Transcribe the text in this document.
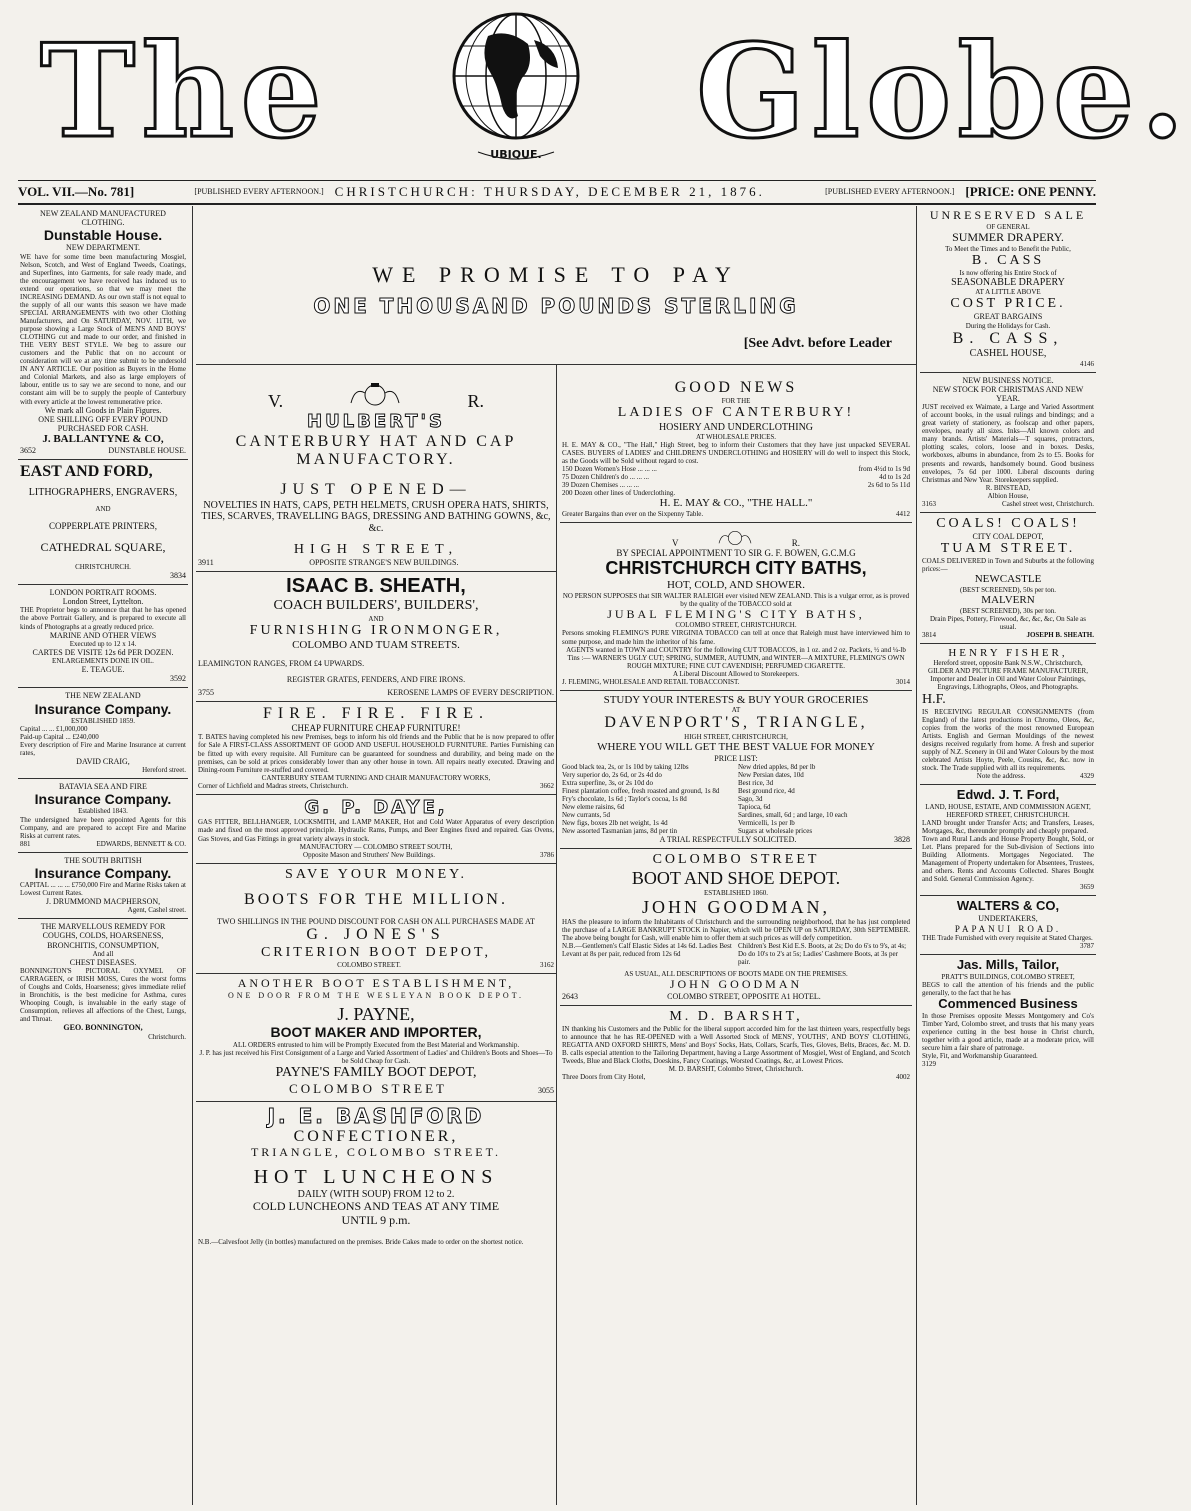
The	UBIQUE. Globe.
VOL. VII.—No. 781]	[PUBLISHED EVERY AFTERNOON.] CHRISTCHURCH: THURSDAY, DECEMBER 21, 1876.	[PUBLISHED EVERY AFTERNOON.] [PRICE: ONE PENNY.

NEW ZEALAND MANUFACTURED CLOTHING.

Dunstable House.

NEW DEPARTMENT.

WE have for some time been manufacturing Mosgiel, Nelson, Scotch, and West of England Tweeds, Coatings, and Superfines, into Garments, for sale ready made, and the encouragement we have received has induced us to extend our operations, so that we may meet the INCREASING DEMAND. As our own staff is not equal to the supply of all our wants this season we have made SPECIAL ARRANGEMENTS with two other Clothing Manufacturers, and On SATURDAY, NOV. 11TH, we purpose showing a Large Stock of MEN'S AND BOYS' CLOTHING cut and made to our order, and finished in THE VERY BEST STYLE. We beg to assure our customers and the Public that on no account or consideration will we at any time submit to be undersold IN ANY ARTICLE. Our position as Buyers in the Home and Colonial Markets, and also as large employers of labour, entitle us to say we are second to none, and our constant aim will be to supply the people of Canterbury with every article at the lowest remunerative price.

We mark all Goods in Plain Figures.

ONE SHILLING OFF EVERY POUND PURCHASED FOR CASH.

J. BALLANTYNE & CO,

3652	DUNSTABLE HOUSE.

EAST AND FORD,

LITHOGRAPHERS, ENGRAVERS,

AND

COPPERPLATE PRINTERS,

CATHEDRAL SQUARE,

CHRISTCHURCH.

3834

LONDON PORTRAIT ROOMS.

London Street, Lyttelton.

THE Proprietor begs to announce that that he has opened the above Portrait Gallery, and is prepared to execute all kinds of Photographs at a greatly reduced price.

MARINE AND OTHER VIEWS

Executed up to 12 x 14.

CARTES DE VISITE 12s 6d PER DOZEN.

ENLARGEMENTS DONE IN OIL.

E. TEAGUE.

3592

THE NEW ZEALAND

Insurance Company.

ESTABLISHED 1859.

Capital ... ... £1,000,000

Paid-up Capital ... £240,000

Every description of Fire and Marine Insurance at current rates,

DAVID CRAIG,

Hereford street.

BATAVIA SEA AND FIRE

Insurance Company.

Established 1843.

The undersigned have been appointed Agents for this Company, and are prepared to accept Fire and Marine Risks at current rates.

881	EDWARDS, BENNETT & CO.

THE SOUTH BRITISH

Insurance Company.

CAPITAL ... ... ... £750,000 Fire and Marine Risks taken at Lowest Current Rates.

J. DRUMMOND MACPHERSON,

Agent, Cashel street.

THE MARVELLOUS REMEDY FOR

COUGHS, COLDS, HOARSENESS,

BRONCHITIS, CONSUMPTION,

And all

CHEST DISEASES.

BONNINGTON'S PICTORAL OXYMEL OF CARRAGEEN, or IRISH MOSS, Cures the worst forms of Coughs and Colds, Hoarseness; gives immediate relief in Bronchitis, is the best medicine for Asthma, cures Whooping Cough, is invaluable in the early stage of Consumption, relieves all affections of the Chest, Lungs, and Throat.

GEO. BONNINGTON,

Christchurch.

WE PROMISE TO PAY

ONE THOUSAND POUNDS STERLING

[See Advt. before Leader

V.	R.

HULBERT'S

CANTERBURY HAT AND CAP

MANUFACTORY.

JUST OPENED—

NOVELTIES IN HATS, CAPS, PETH HELMETS, CRUSH OPERA HATS, SHIRTS, TIES, SCARVES, TRAVELLING BAGS, DRESSING AND BATHING GOWNS, &c, &c.

HIGH STREET,

3911	OPPOSITE STRANGE'S NEW BUILDINGS.

ISAAC B. SHEATH,

COACH BUILDERS', BUILDERS',

AND

FURNISHING IRONMONGER,

COLOMBO AND TUAM STREETS.

LEAMINGTON RANGES, FROM £4 UPWARDS.

REGISTER GRATES, FENDERS, AND FIRE IRONS.

3755	KEROSENE LAMPS OF EVERY DESCRIPTION.

FIRE. FIRE. FIRE.

CHEAP FURNITURE CHEAP FURNITURE!

T. BATES having completed his new Premises, begs to inform his old friends and the Public that he is now prepared to offer for Sale A FIRST-CLASS ASSORTMENT OF GOOD AND USEFUL HOUSEHOLD FURNITURE. Parties Furnishing can be fitted up with every requisite. All Furniture can be guaranteed for soundness and durability, and being made on the premises, can be sold at prices considerably lower than any other house in town. All repairs neatly executed. Drawing and Dining-room Furniture re-stuffed and covered.

CANTERBURY STEAM TURNING AND CHAIR MANUFACTORY WORKS,

Corner of Lichfield and Madras streets, Christchurch.	3662

G. P. DAYE,

GAS FITTER, BELLHANGER, LOCKSMITH, and LAMP MAKER, Hot and Cold Water Apparatus of every description made and fixed on the most approved principle. Hydraulic Rams, Pumps, and Beer Engines fixed and repaired. Gas Ovens, Gas Stoves, and Gas Fittings in great variety always in stock.

MANUFACTORY — COLOMBO STREET SOUTH,

Opposite Mason and Struthers' New Buildings.	3786

SAVE YOUR MONEY.

BOOTS FOR THE MILLION.

TWO SHILLINGS IN THE POUND DISCOUNT FOR CASH ON ALL PURCHASES MADE AT

G. JONES'S

CRITERION BOOT DEPOT,

COLOMBO STREET.	3162

ANOTHER BOOT ESTABLISHMENT,

ONE DOOR FROM THE WESLEYAN BOOK DEPOT.

J. PAYNE,

BOOT MAKER AND IMPORTER,

ALL ORDERS entrusted to him will be Promptly Executed from the Best Material and Workmanship.

J. P. has just received his First Consignment of a Large and Varied Assortment of Ladies' and Children's Boots and Shoes—To be Sold Cheap for Cash.

PAYNE'S FAMILY BOOT DEPOT,

COLOMBO STREET	3055

J. E. BASHFORD

CONFECTIONER,

TRIANGLE, COLOMBO STREET.

HOT LUNCHEONS

DAILY (WITH SOUP) FROM 12 to 2.

COLD LUNCHEONS AND TEAS AT ANY TIME

UNTIL 9 p.m.

N.B.—Calvesfoot Jelly (in bottles) manufactured on the premises. Bride Cakes made to order on the shortest notice.

GOOD NEWS

FOR THE

LADIES OF CANTERBURY!

HOSIERY AND UNDERCLOTHING

AT WHOLESALE PRICES.

H. E. MAY & CO., "The Hall," High Street, beg to inform their Customers that they have just unpacked SEVERAL CASES. BUYERS of LADIES' and CHILDREN'S UNDERCLOTHING and HOSIERY will do well to inspect this Stock, as the Goods will be Sold without regard to cost.

150 Dozen Women's Hose ... ... ...	from 4½d to 1s 9d
75 Dozen Children's do ... ... ...	4d to 1s 2d
39 Dozen Chemises ... ... ...	2s 6d to 5s 11d
200 Dozen other lines of Underclothing.

H. E. MAY & CO., "THE HALL."

Greater Bargains than ever on the Sixpenny Table.	4412
V	R.

BY SPECIAL APPOINTMENT TO SIR G. F. BOWEN, G.C.M.G

CHRISTCHURCH CITY BATHS,

HOT, COLD, AND SHOWER.

NO PERSON SUPPOSES that SIR WALTER RALEIGH ever visited NEW ZEALAND. This is a vulgar error, as is proved by the quality of the TOBACCO sold at

JUBAL FLEMING'S CITY BATHS,

COLOMBO STREET, CHRISTCHURCH.

Persons smoking FLEMING'S PURE VIRGINIA TOBACCO can tell at once that Raleigh must have interviewed him to some purpose, and made him the inheritor of his fame.

AGENTS wanted in TOWN and COUNTRY for the following CUT TOBACCOS, in 1 oz. and 2 oz. Packets, ½ and ¼-lb Tins :— WARNER'S UGLY CUT; SPRING, SUMMER, AUTUMN, and WINTER—A MIXTURE, FLEMING'S OWN ROUGH MIXTURE; FINE CUT CAVENDISH; PERFUMED CIGARETTE.

A Liberal Discount Allowed to Storekeepers.

J. FLEMING, WHOLESALE AND RETAIL TOBACCONIST.	3014

STUDY YOUR INTERESTS & BUY YOUR GROCERIES

AT

DAVENPORT'S, TRIANGLE,

HIGH STREET, CHRISTCHURCH,

WHERE YOU WILL GET THE BEST VALUE FOR MONEY

PRICE LIST:

Good black tea, 2s, or 1s 10d by taking 12lbs

Very superior do, 2s 6d, or 2s 4d do

Extra superfine, 3s, or 2s 10d do

Finest plantation coffee, fresh roasted and ground, 1s 8d

Fry's chocolate, 1s 6d ; Taylor's cocoa, 1s 8d

New eleme raisins, 6d

New currants, 5d

New figs, boxes 2lb net weight, 1s 4d

New assorted Tasmanian jams, 8d per tin

New dried apples, 8d per lb

New Persian dates, 10d

Best rice, 3d

Best ground rice, 4d

Sago, 3d

Tapioca, 6d

Sardines, small, 6d ; and large, 10 each

Vermicelli, 1s per lb

Sugars at wholesale prices

A TRIAL RESPECTFULLY SOLICITED.	3828

COLOMBO STREET

BOOT AND SHOE DEPOT.

ESTABLISHED 1860.

JOHN GOODMAN,

HAS the pleasure to inform the Inhabitants of Christchurch and the surrounding neighborhood, that he has just completed the purchase of a LARGE BANKRUPT STOCK in Napier, which will be OPEN UP on SATURDAY, 30th SEPTEMBER. The above being bought for Cash, will enable him to offer them at such prices as will defy competition.

N.B.—Gentlemen's Calf Elastic Sides at 14s 6d. Ladies Best Levant at 8s per pair, reduced from 12s 6d
Children's Best Kid E.S. Boots, at 2s; Do do 6's to 9's, at 4s; Do do 10's to 2's at 5s; Ladies' Cashmere Boots, at 3s per pair.

AS USUAL, ALL DESCRIPTIONS OF BOOTS MADE ON THE PREMISES.

JOHN GOODMAN

2643	COLOMBO STREET, OPPOSITE A1 HOTEL.

M. D. BARSHT,

IN thanking his Customers and the Public for the liberal support accorded him for the last thirteen years, respectfully begs to announce that he has RE-OPENED with a Well Assorted Stock of MENS', YOUTHS', AND BOYS' CLOTHING, REGATTA AND OXFORD SHIRTS, Mens' and Boys' Socks, Hats, Collars, Scarfs, Ties, Gloves, Belts, Braces, &c. M. D. B. calls especial attention to the Tailoring Department, having a Large Assortment of Mosgiel, West of England, and Scotch Tweeds, Blue and Black Cloths, Doeskins, Fancy Coatings, Worsted Coatings, &c, at Lowest Prices.

M. D. BARSHT, Colombo Street, Christchurch.

Three Doors from City Hotel,	4002

UNRESERVED SALE

OF GENERAL

SUMMER DRAPERY.

To Meet the Times and to Benefit the Public,

B. CASS

Is now offering his Entire Stock of

SEASONABLE DRAPERY

AT A LITTLE ABOVE

COST PRICE.

GREAT BARGAINS

During the Holidays for Cash.

B. CASS,

CASHEL HOUSE,

4146

NEW BUSINESS NOTICE.

NEW STOCK FOR CHRISTMAS AND NEW YEAR.

JUST received ex Waimate, a Large and Varied Assortment of account books, in the usual rulings and bindings; and a great variety of stationery, as foolscap and other papers, envelopes, nearly all sizes. Inks—All known colors and many brands. Artists' Materials—T squares, protractors, plotting scales, colors, loose and in boxes. Desks, workboxes, albums in abundance, from 2s to £5. Books for presents and rewards, handsomely bound. Good business envelopes, 7s 6d per 1000. Liberal discounts during Christmas and New Year. Storekeepers supplied.

R. BINSTEAD,

Albion House,

3163	Cashel street west, Christchurch.

COALS! COALS!

CITY COAL DEPOT,

TUAM STREET.

COALS DELIVERED in Town and Suburbs at the following prices:—

NEWCASTLE

(BEST SCREENED), 50s per ton.

MALVERN

(BEST SCREENED), 30s per ton.

Drain Pipes, Pottery, Firewood, &c, &c, &c, On Sale as usual.

3814	JOSEPH B. SHEATH.

HENRY FISHER,

Hereford street, opposite Bank N.S.W., Christchurch,

GILDER AND PICTURE FRAME MANUFACTURER,

Importer and Dealer in Oil and Water Colour Paintings, Engravings, Lithographs, Oleos, and Photographs.

H.F.

IS RECEIVING REGULAR CONSIGNMENTS (from England) of the latest productions in Chromo, Oleos, &c, copies from the works of the most renowned European Artists. English and German Mouldings of the newest designs received regularly from home. A fresh and superior supply of N.Z. Scenery in Oil and Water Colours by the most celebrated Artists Hoyte, Peele, Cousins, &c, &c. now in stock. The Trade supplied with all its requirements.

Note the address.	4329

Edwd. J. T. Ford,

LAND, HOUSE, ESTATE, AND COMMISSION AGENT,

HEREFORD STREET, CHRISTCHURCH.

LAND brought under Transfer Acts; and Transfers, Leases, Mortgages, &c, thereunder promptly and cheaply prepared.

Town and Rural Lands and House Property Bought, Sold, or Let. Plans prepared for the Sub-division of Sections into Building Allotments. Mortgages Negociated. The Management of Property undertaken for Absentees, Trustees, and others. Rents and Accounts Collected. Shares Bought and Sold. General Commission Agency.

3659

WALTERS & CO,

UNDERTAKERS,

PAPANUI ROAD.

THE Trade Furnished with every requisite at Stated Charges.

3787

Jas. Mills, Tailor,

PRATT'S BUILDINGS, COLOMBO STREET,

BEGS to call the attention of his friends and the public generally, to the fact that he has

Commenced Business

In those Premises opposite Messrs Montgomery and Co's Timber Yard, Colombo street, and trusts that his many years experience cutting in the best house in Christ church, together with a good article, made at a moderate price, will secure him a fair share of patronage.

Style, Fit, and Workmanship Guaranteed.

3129
